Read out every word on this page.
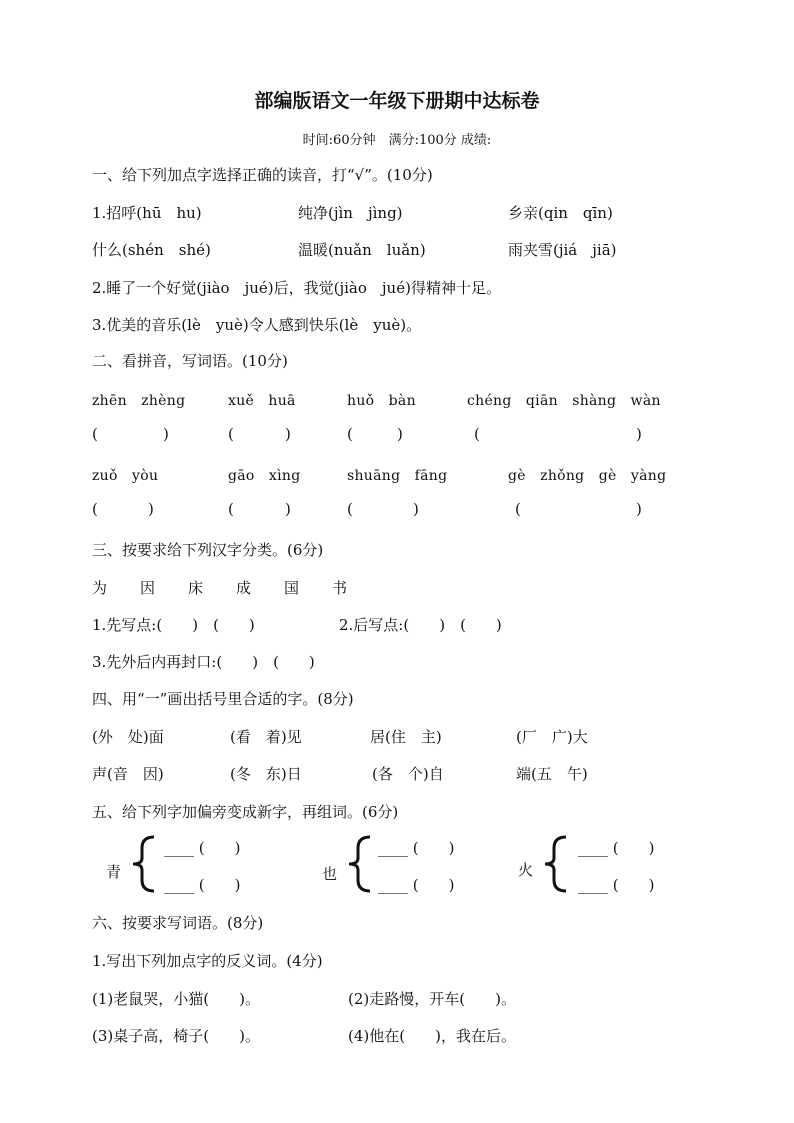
部编版语文一年级下册期中达标卷
时间:60分钟　满分:100分 成绩:
一、给下列加点字选择正确的读音，打“√”。(10分)
1.招呼(hū　hu)	纯净(jìn　jìng)	乡亲(qin　qīn)
什么(shén　shé)	温暖(nuǎn　luǎn)	雨夹雪(jiá　jiā)
2.睡了一个好觉(jiào　jué)后，我觉(jiào　jué)得精神十足。
3.优美的音乐(lè　yuè)令人感到快乐(lè　yuè)。
二、看拼音，写词语。(10分)
zhēn　zhèng	xuě　huā	huǒ　bàn	chéng　qiān　shàng　wàn
(	)	(	)	(	)	(	)
zuǒ　yòu	gāo　xìng	shuāng　fāng	gè　zhǒng　gè　yàng
(	)	(	)	(	)	(	)
三、按要求给下列汉字分类。(6分)
为 因 床 成 国 书
1.先写点:(　　)　(　　)	2.后写点:(　　)　(　　)
3.先外后内再封口:(　　)　(　　)
四、用“一”画出括号里合适的字。(8分)
(外　处)面	(看　着)见	居(住　主)	(厂　广)大
声(音　因)	(冬　东)日	(各　个)自	端(五　午)
五、给下列字加偏旁变成新字，再组词。(6分)
青
____ (　　)
____ (　　)
也
____ (　　)
____ (　　)
火
____ (　　)
____ (　　)
六、按要求写词语。(8分)
1.写出下列加点字的反义词。(4分)
(1)老鼠哭，小猫(　　)。	(2)走路慢，开车(　　)。
(3)桌子高，椅子(　　)。	(4)他在(　　)，我在后。
